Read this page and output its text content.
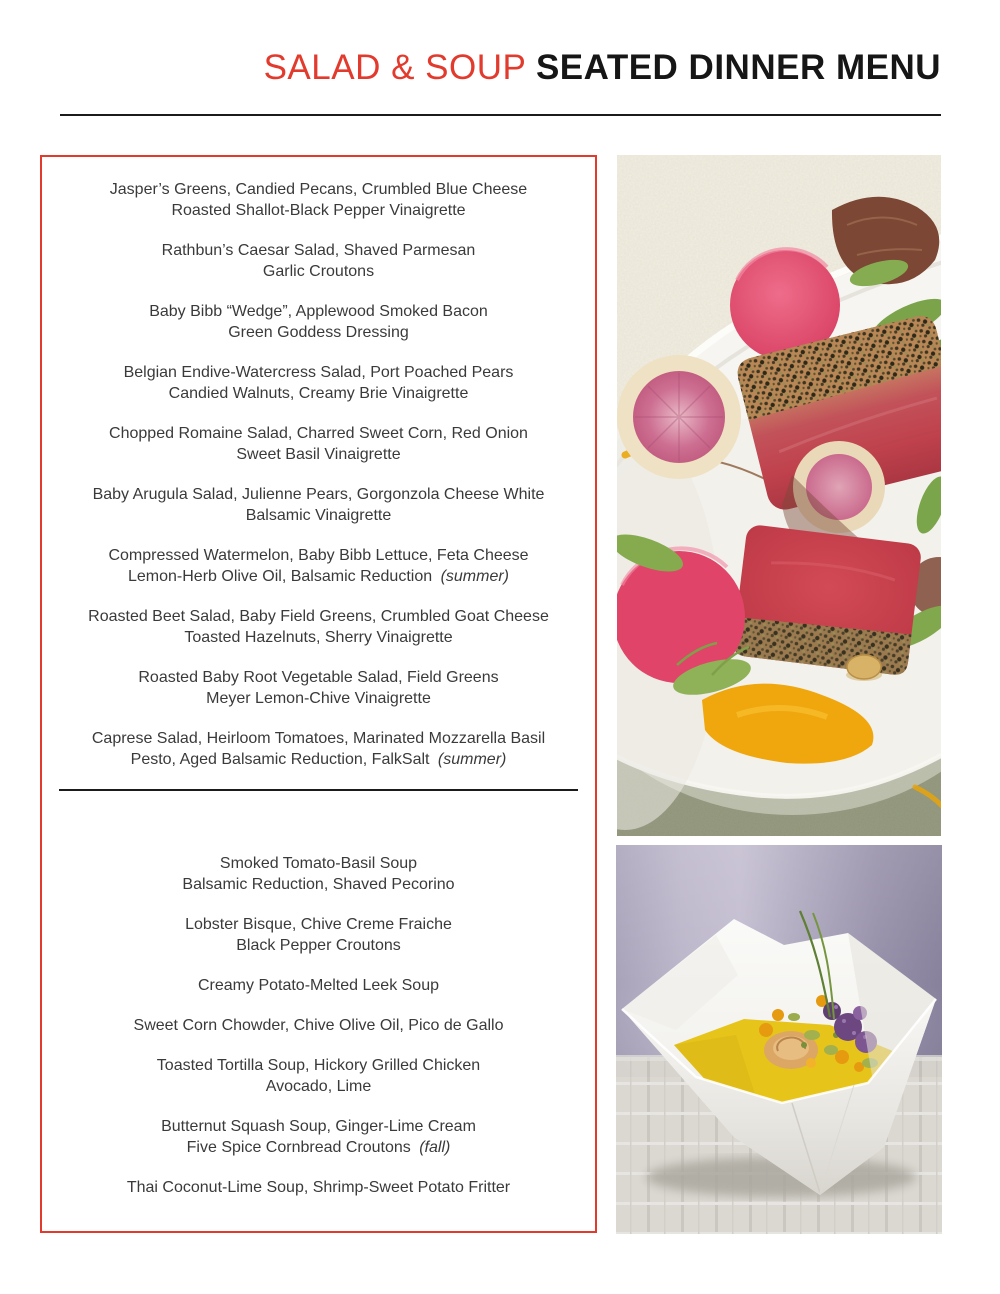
SALAD & SOUP SEATED DINNER MENU
Jasper’s Greens, Candied Pecans, Crumbled Blue Cheese
Roasted Shallot-Black Pepper Vinaigrette
Rathbun’s Caesar Salad, Shaved Parmesan
Garlic Croutons
Baby Bibb “Wedge”, Applewood Smoked Bacon
Green Goddess Dressing
Belgian Endive-Watercress Salad, Port Poached Pears
Candied Walnuts, Creamy Brie Vinaigrette
Chopped Romaine Salad, Charred Sweet Corn, Red Onion
Sweet Basil Vinaigrette
Baby Arugula Salad, Julienne Pears, Gorgonzola Cheese White
Balsamic Vinaigrette
Compressed Watermelon, Baby Bibb Lettuce, Feta Cheese
Lemon-Herb Olive Oil, Balsamic Reduction (summer)
Roasted Beet Salad, Baby Field Greens, Crumbled Goat Cheese
Toasted Hazelnuts, Sherry Vinaigrette
Roasted Baby Root Vegetable Salad, Field Greens
Meyer Lemon-Chive Vinaigrette
Caprese Salad, Heirloom Tomatoes, Marinated Mozzarella Basil
Pesto, Aged Balsamic Reduction, FalkSalt (summer)
Smoked Tomato-Basil Soup
Balsamic Reduction, Shaved Pecorino
Lobster Bisque, Chive Creme Fraiche
Black Pepper Croutons
Creamy Potato-Melted Leek Soup
Sweet Corn Chowder, Chive Olive Oil, Pico de Gallo
Toasted Tortilla Soup, Hickory Grilled Chicken
Avocado, Lime
Butternut Squash Soup, Ginger-Lime Cream
Five Spice Cornbread Croutons (fall)
Thai Coconut-Lime Soup, Shrimp-Sweet Potato Fritter
